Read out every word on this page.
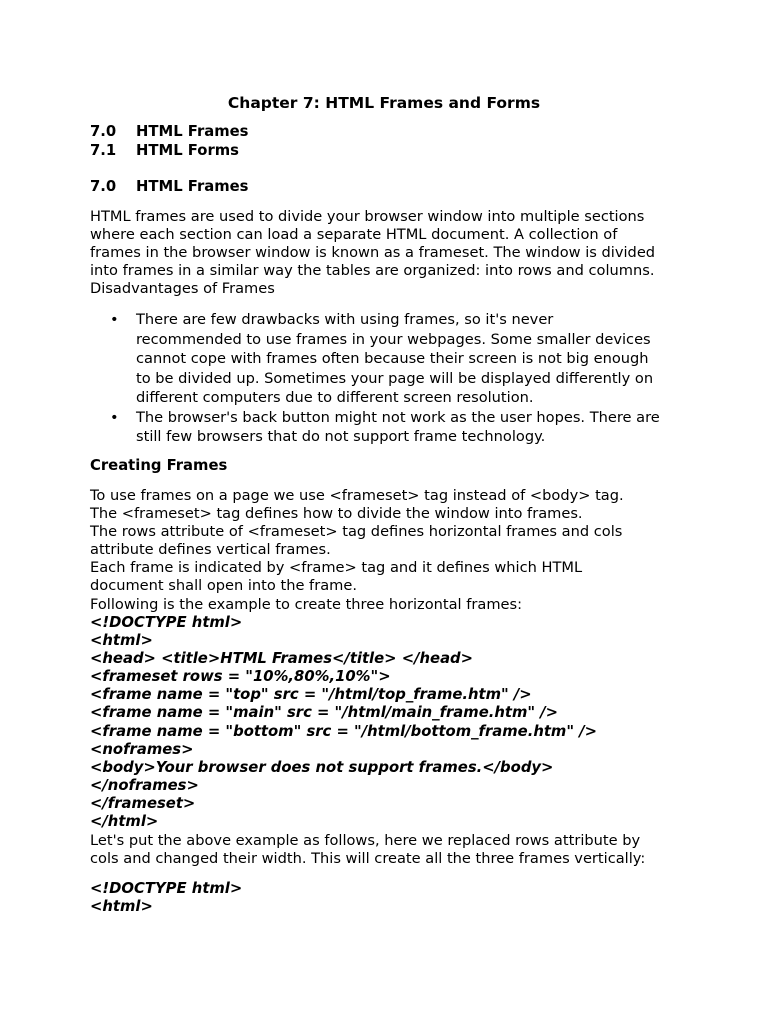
Chapter 7: HTML Frames and Forms
7.0 HTML Frames
7.1 HTML Forms
7.0 HTML Frames

HTML frames are used to divide your browser window into multiple sections
where each section can load a separate HTML document. A collection of
frames in the browser window is known as a frameset. The window is divided
into frames in a similar way the tables are organized: into rows and columns.
Disadvantages of Frames

• There are few drawbacks with using frames, so it's never
recommended to use frames in your webpages. Some smaller devices
cannot cope with frames often because their screen is not big enough
to be divided up. Sometimes your page will be displayed differently on
different computers due to different screen resolution.
• The browser's back button might not work as the user hopes. There are
still few browsers that do not support frame technology.
Creating Frames

To use frames on a page we use <frameset> tag instead of <body> tag.
The <frameset> tag defines how to divide the window into frames.
The rows attribute of <frameset> tag defines horizontal frames and cols
attribute defines vertical frames.
Each frame is indicated by <frame> tag and it defines which HTML
document shall open into the frame.
Following is the example to create three horizontal frames:

<!DOCTYPE html>
<html>
<head> <title>HTML Frames</title> </head>
<frameset rows = "10%,80%,10%">
<frame name = "top" src = "/html/top_frame.htm" />
<frame name = "main" src = "/html/main_frame.htm" />
<frame name = "bottom" src = "/html/bottom_frame.htm" />
<noframes>
<body>Your browser does not support frames.</body>
</noframes>
</frameset>
</html>

Let's put the above example as follows, here we replaced rows attribute by
cols and changed their width. This will create all the three frames vertically:

<!DOCTYPE html>
<html>
